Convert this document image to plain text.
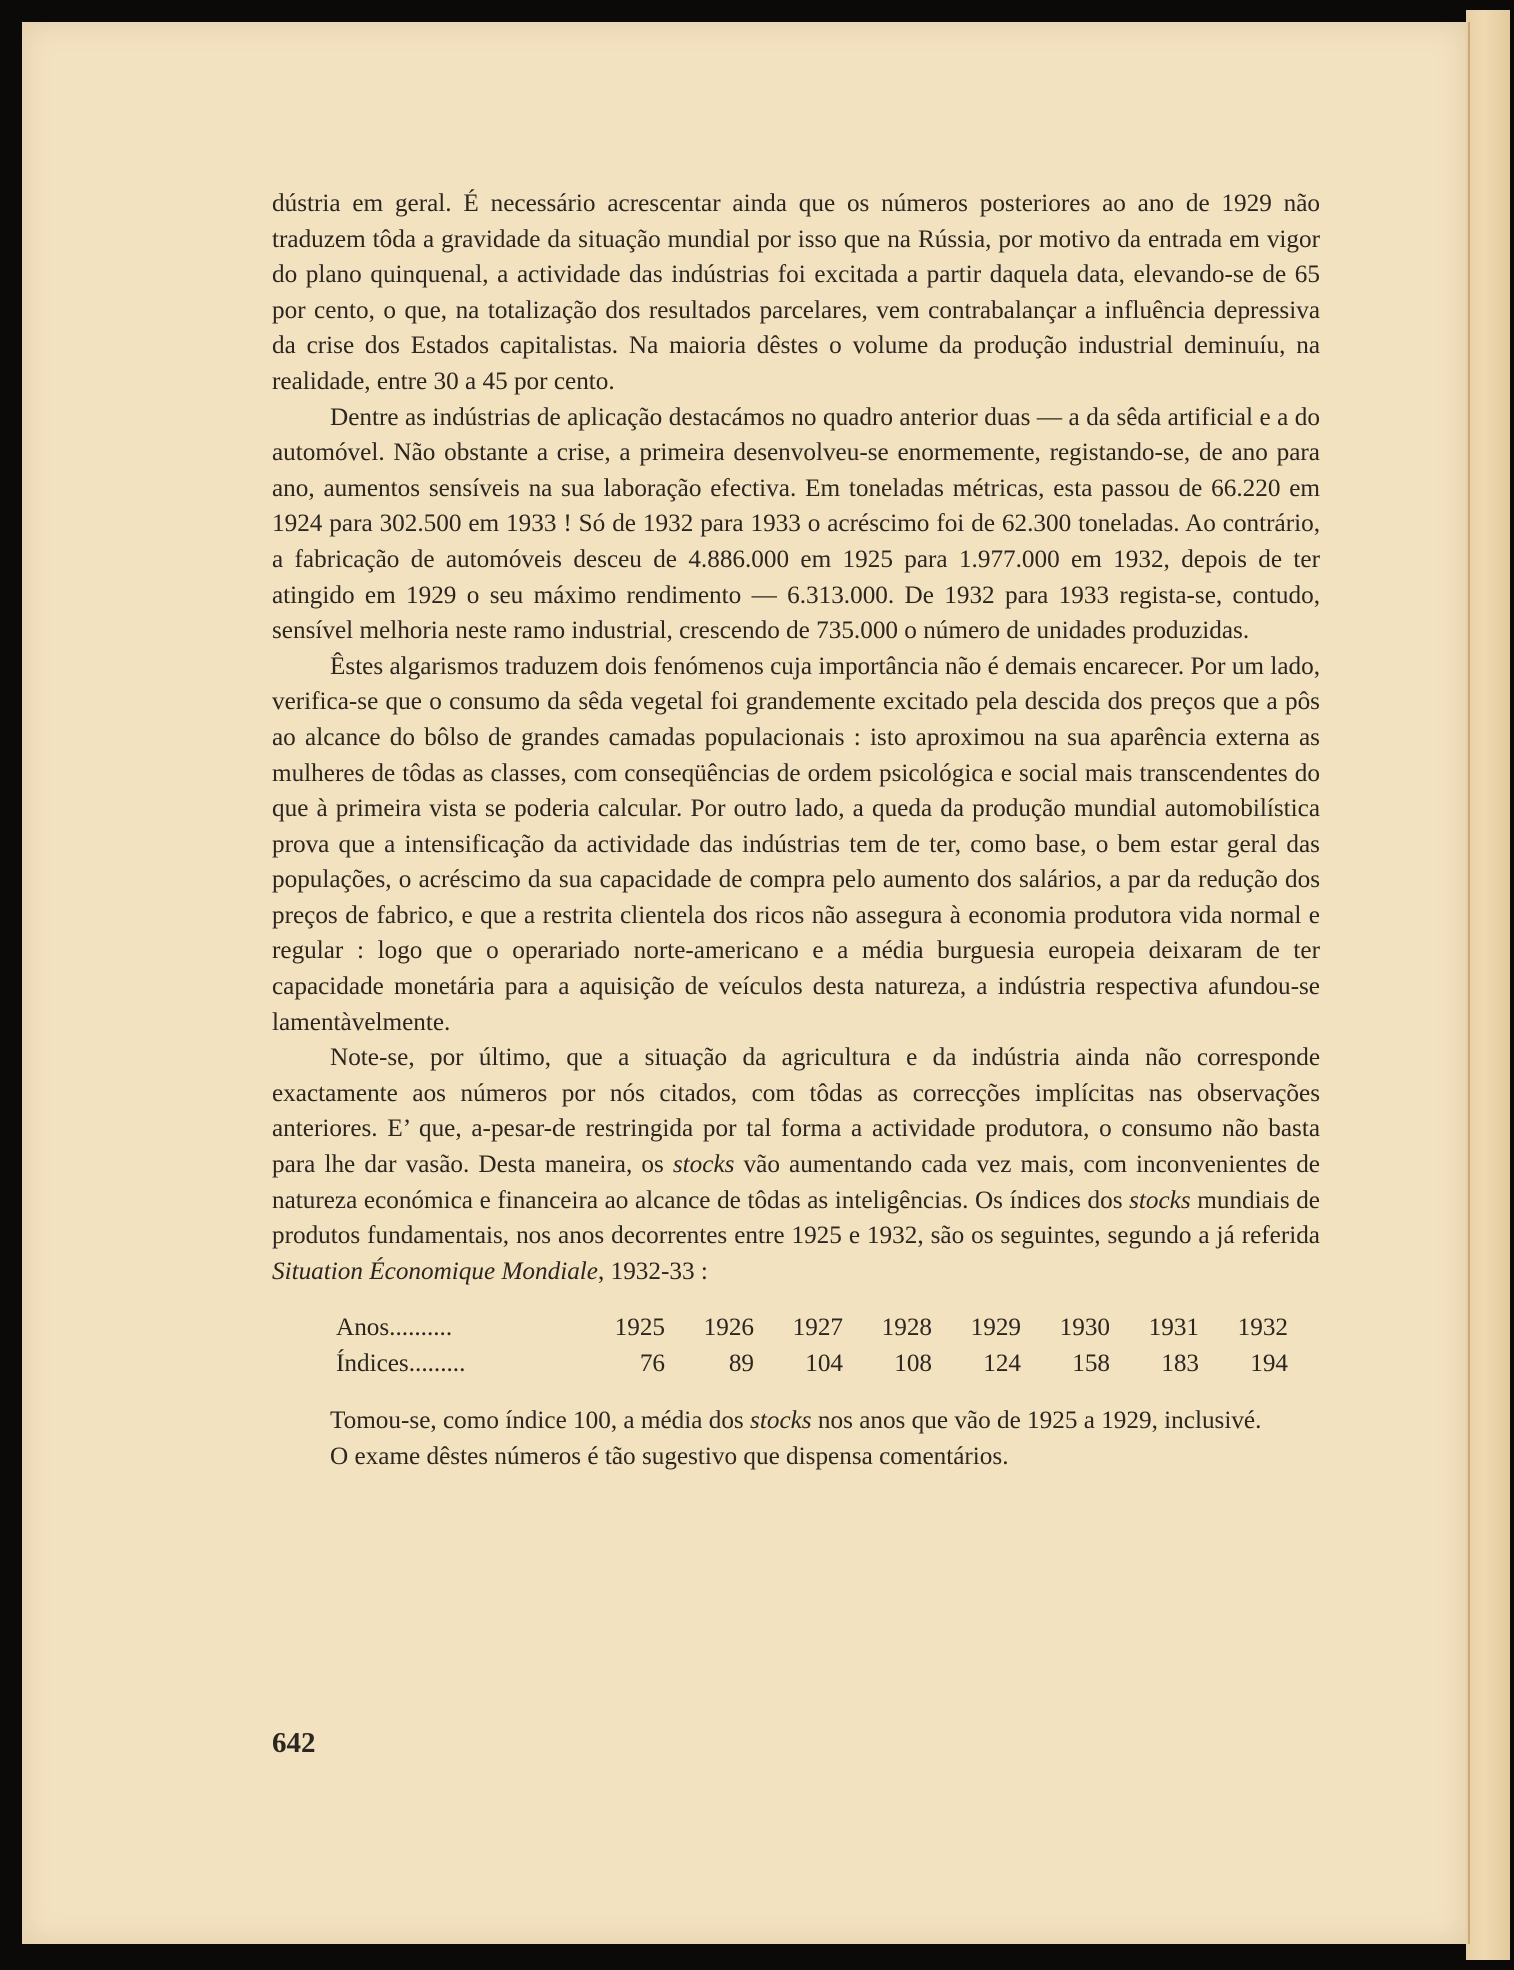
dústria em geral. É necessário acrescentar ainda que os números posteriores ao ano de 1929 não traduzem tôda a gravidade da situação mundial por isso que na Rússia, por motivo da entrada em vigor do plano quinquenal, a actividade das indústrias foi excitada a partir daquela data, elevando-se de 65 por cento, o que, na totalização dos resultados parcelares, vem contrabalançar a influência depressiva da crise dos Estados capitalistas. Na maioria dêstes o volume da produção industrial deminuíu, na realidade, entre 30 a 45 por cento.

Dentre as indústrias de aplicação destacámos no quadro anterior duas — a da sêda artificial e a do automóvel. Não obstante a crise, a primeira desenvolveu-se enormemente, registando-se, de ano para ano, aumentos sensíveis na sua laboração efectiva. Em toneladas métricas, esta passou de 66.220 em 1924 para 302.500 em 1933 ! Só de 1932 para 1933 o acréscimo foi de 62.300 toneladas. Ao contrário, a fabricação de automóveis desceu de 4.886.000 em 1925 para 1.977.000 em 1932, depois de ter atingido em 1929 o seu máximo rendimento — 6.313.000. De 1932 para 1933 regista-se, contudo, sensível melhoria neste ramo industrial, crescendo de 735.000 o número de unidades produzidas.

Êstes algarismos traduzem dois fenómenos cuja importância não é demais encarecer. Por um lado, verifica-se que o consumo da sêda vegetal foi grandemente excitado pela descida dos preços que a pôs ao alcance do bôlso de grandes camadas populacionais : isto aproximou na sua aparência externa as mulheres de tôdas as classes, com conseqüências de ordem psicológica e social mais transcendentes do que à primeira vista se poderia calcular. Por outro lado, a queda da produção mundial automobilística prova que a intensificação da actividade das indústrias tem de ter, como base, o bem estar geral das populações, o acréscimo da sua capacidade de compra pelo aumento dos salários, a par da redução dos preços de fabrico, e que a restrita clientela dos ricos não assegura à economia produtora vida normal e regular : logo que o operariado norte-americano e a média burguesia europeia deixaram de ter capacidade monetária para a aquisição de veículos desta natureza, a indústria respectiva afundou-se lamentàvelmente.

Note-se, por último, que a situação da agricultura e da indústria ainda não corresponde exactamente aos números por nós citados, com tôdas as correcções implícitas nas observações anteriores. E’ que, a-pesar-de restringida por tal forma a actividade produtora, o consumo não basta para lhe dar vasão. Desta maneira, os stocks vão aumentando cada vez mais, com inconvenientes de natureza económica e financeira ao alcance de tôdas as inteligências. Os índices dos stocks mundiais de produtos fundamentais, nos anos decorrentes entre 1925 e 1932, são os seguintes, segundo a já referida Situation Économique Mondiale, 1932-33 :

Anos..........	1925	1926	1927	1928	1929	1930	1931	1932
Índices.........	76	89	104	108	124	158	183	194

Tomou-se, como índice 100, a média dos stocks nos anos que vão de 1925 a 1929, inclusivé.

O exame dêstes números é tão sugestivo que dispensa comentários.

642
